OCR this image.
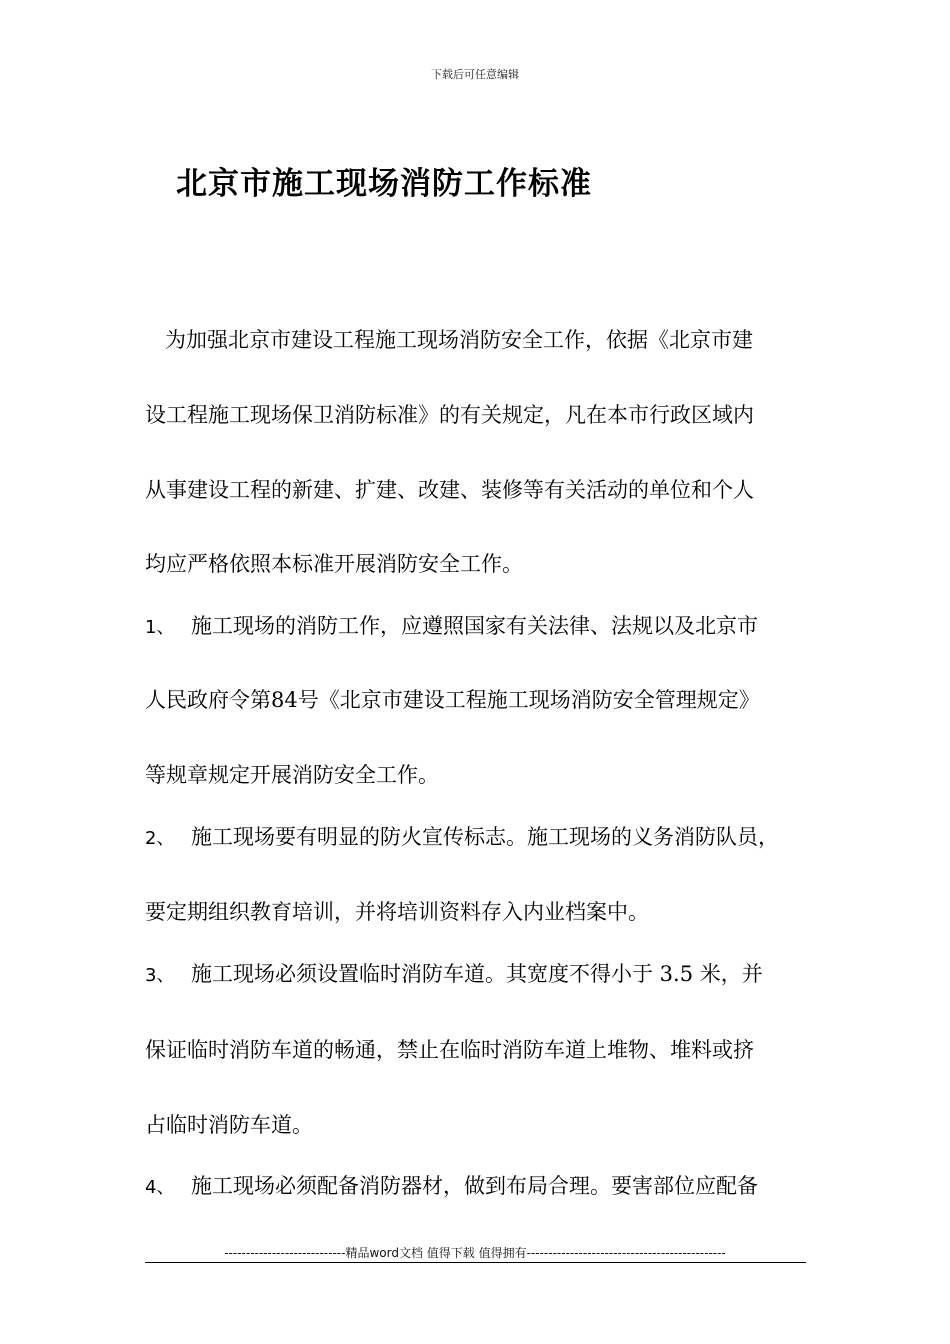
下载后可任意编辑
北京市施工现场消防工作标准
为加强北京市建设工程施工现场消防安全工作，依据《北京市建
设工程施工现场保卫消防标准》的有关规定，凡在本市行政区域内
从事建设工程的新建、扩建、改建、装修等有关活动的单位和个人
均应严格依照本标准开展消防安全工作。
1、 施工现场的消防工作，应遵照国家有关法律、法规以及北京市
人民政府令第84号《北京市建设工程施工现场消防安全管理规定》
等规章规定开展消防安全工作。
2、 施工现场要有明显的防火宣传标志。施工现场的义务消防队员，
要定期组织教育培训，并将培训资料存入内业档案中。
3、 施工现场必须设置临时消防车道。其宽度不得小于 3.5 米，并
保证临时消防车道的畅通，禁止在临时消防车道上堆物、堆料或挤
占临时消防车道。
4、 施工现场必须配备消防器材，做到布局合理。要害部位应配备
----------------------------精品word文档 值得下载 值得拥有----------------------------------------------
